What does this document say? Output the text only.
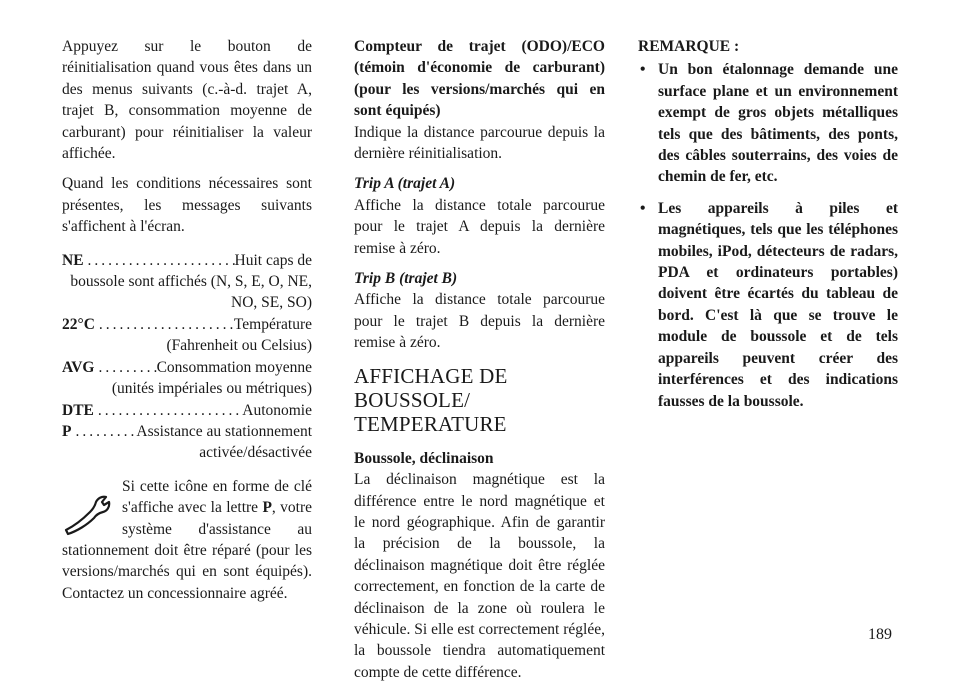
Appuyez sur le bouton de réinitialisation quand vous êtes dans un des menus suivants (c.-à-d. trajet A, trajet B, consommation moyenne de carburant) pour réinitialiser la valeur affichée.

Quand les conditions nécessaires sont présentes, les messages suivants s'affichent à l'écran.

NE .....	Huit caps de
boussole sont affichés (N, S, E, O, NE, NO, SE, SO)
22°C .....	Température
(Fahrenheit ou Celsius)
AVG .....	Consommation moyenne
(unités impériales ou métriques)
DTE .....	Autonomie
P .....	Assistance au stationnement
activée/désactivée

Si cette icône en forme de clé s'affiche avec la lettre P, votre système d'assistance au stationnement doit être réparé (pour les versions/marchés qui en sont équipés). Contactez un concessionnaire agréé.

Compteur de trajet (ODO)/ECO (témoin d'économie de carburant) (pour les versions/marchés qui en sont équipés)

Indique la distance parcourue depuis la dernière réinitialisation.

Trip A (trajet A)

Affiche la distance totale parcourue pour le trajet A depuis la dernière remise à zéro.

Trip B (trajet B)

Affiche la distance totale parcourue pour le trajet B depuis la dernière remise à zéro.

AFFICHAGE DE BOUSSOLE/ TEMPERATURE

Boussole, déclinaison

La déclinaison magnétique est la différence entre le nord magnétique et le nord géographique. Afin de garantir la précision de la boussole, la déclinaison magnétique doit être réglée correctement, en fonction de la carte de déclinaison de la zone où roulera le véhicule. Si elle est correctement réglée, la boussole tiendra automatiquement compte de cette différence.

REMARQUE :

• Un bon étalonnage demande une surface plane et un environnement exempt de gros objets métalliques tels que des bâtiments, des ponts, des câbles souterrains, des voies de chemin de fer, etc.
• Les appareils à piles et magnétiques, tels que les téléphones mobiles, iPod, détecteurs de radars, PDA et ordinateurs portables) doivent être écartés du tableau de bord. C'est là que se trouve le module de boussole et de tels appareils peuvent créer des interférences et des indications fausses de la boussole.
189
